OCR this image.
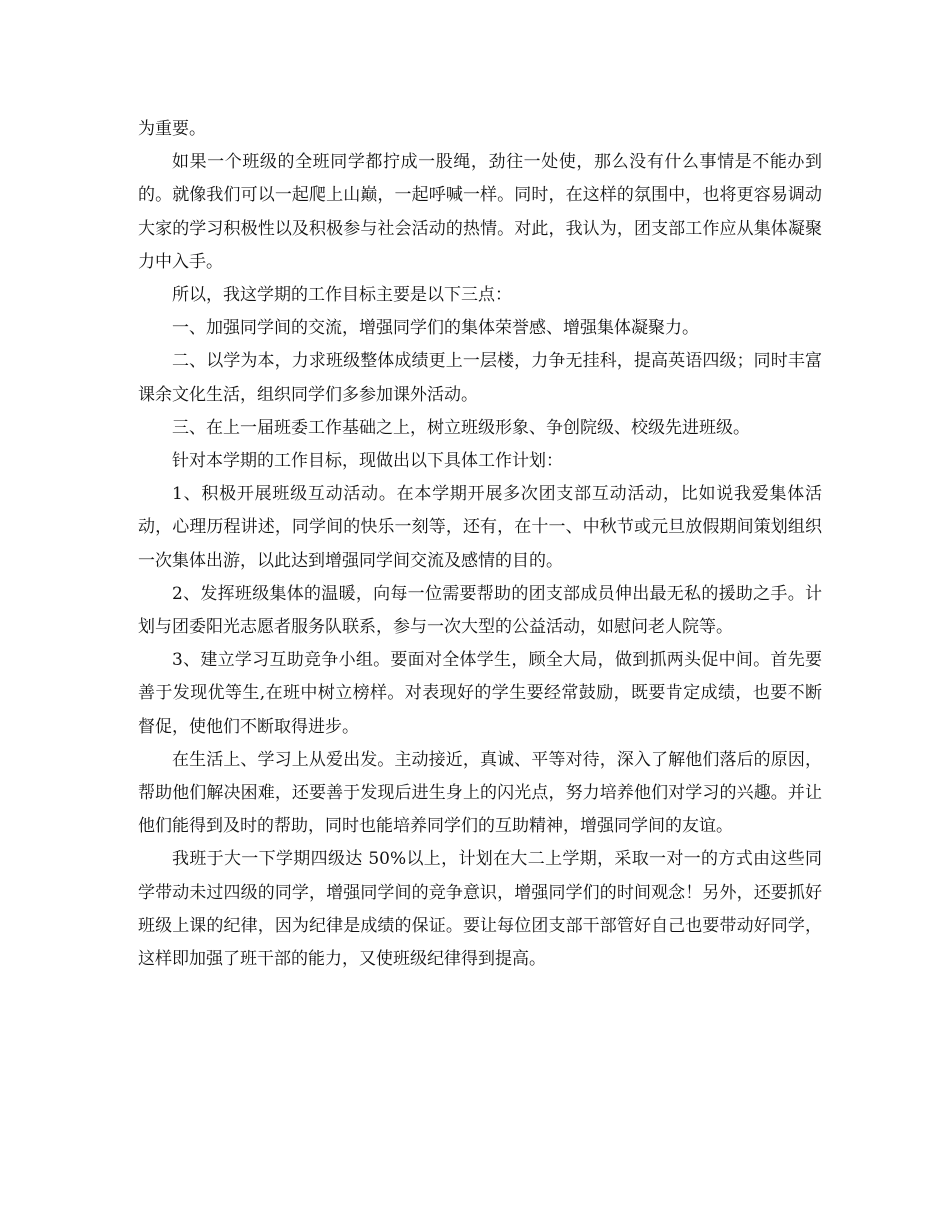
为重要。

如果一个班级的全班同学都拧成一股绳，劲往一处使，那么没有什么事情是不能办到的。就像我们可以一起爬上山巅，一起呼喊一样。同时，在这样的氛围中，也将更容易调动大家的学习积极性以及积极参与社会活动的热情。对此，我认为，团支部工作应从集体凝聚力中入手。

所以，我这学期的工作目标主要是以下三点：

一、加强同学间的交流，增强同学们的集体荣誉感、增强集体凝聚力。

二、以学为本，力求班级整体成绩更上一层楼，力争无挂科，提高英语四级；同时丰富课余文化生活，组织同学们多参加课外活动。

三、在上一届班委工作基础之上，树立班级形象、争创院级、校级先进班级。

针对本学期的工作目标，现做出以下具体工作计划：

1、积极开展班级互动活动。在本学期开展多次团支部互动活动，比如说我爱集体活动，心理历程讲述，同学间的快乐一刻等，还有，在十一、中秋节或元旦放假期间策划组织一次集体出游，以此达到增强同学间交流及感情的目的。

2、发挥班级集体的温暖，向每一位需要帮助的团支部成员伸出最无私的援助之手。计划与团委阳光志愿者服务队联系，参与一次大型的公益活动，如慰问老人院等。

3、建立学习互助竞争小组。要面对全体学生，顾全大局，做到抓两头促中间。首先要善于发现优等生,在班中树立榜样。对表现好的学生要经常鼓励，既要肯定成绩，也要不断督促，使他们不断取得进步。

在生活上、学习上从爱出发。主动接近，真诚、平等对待，深入了解他们落后的原因，帮助他们解决困难，还要善于发现后进生身上的闪光点，努力培养他们对学习的兴趣。并让他们能得到及时的帮助，同时也能培养同学们的互助精神，增强同学间的友谊。

我班于大一下学期四级达 50%以上，计划在大二上学期，采取一对一的方式由这些同学带动未过四级的同学，增强同学间的竞争意识，增强同学们的时间观念！另外，还要抓好班级上课的纪律，因为纪律是成绩的保证。要让每位团支部干部管好自己也要带动好同学，这样即加强了班干部的能力，又使班级纪律得到提高。
